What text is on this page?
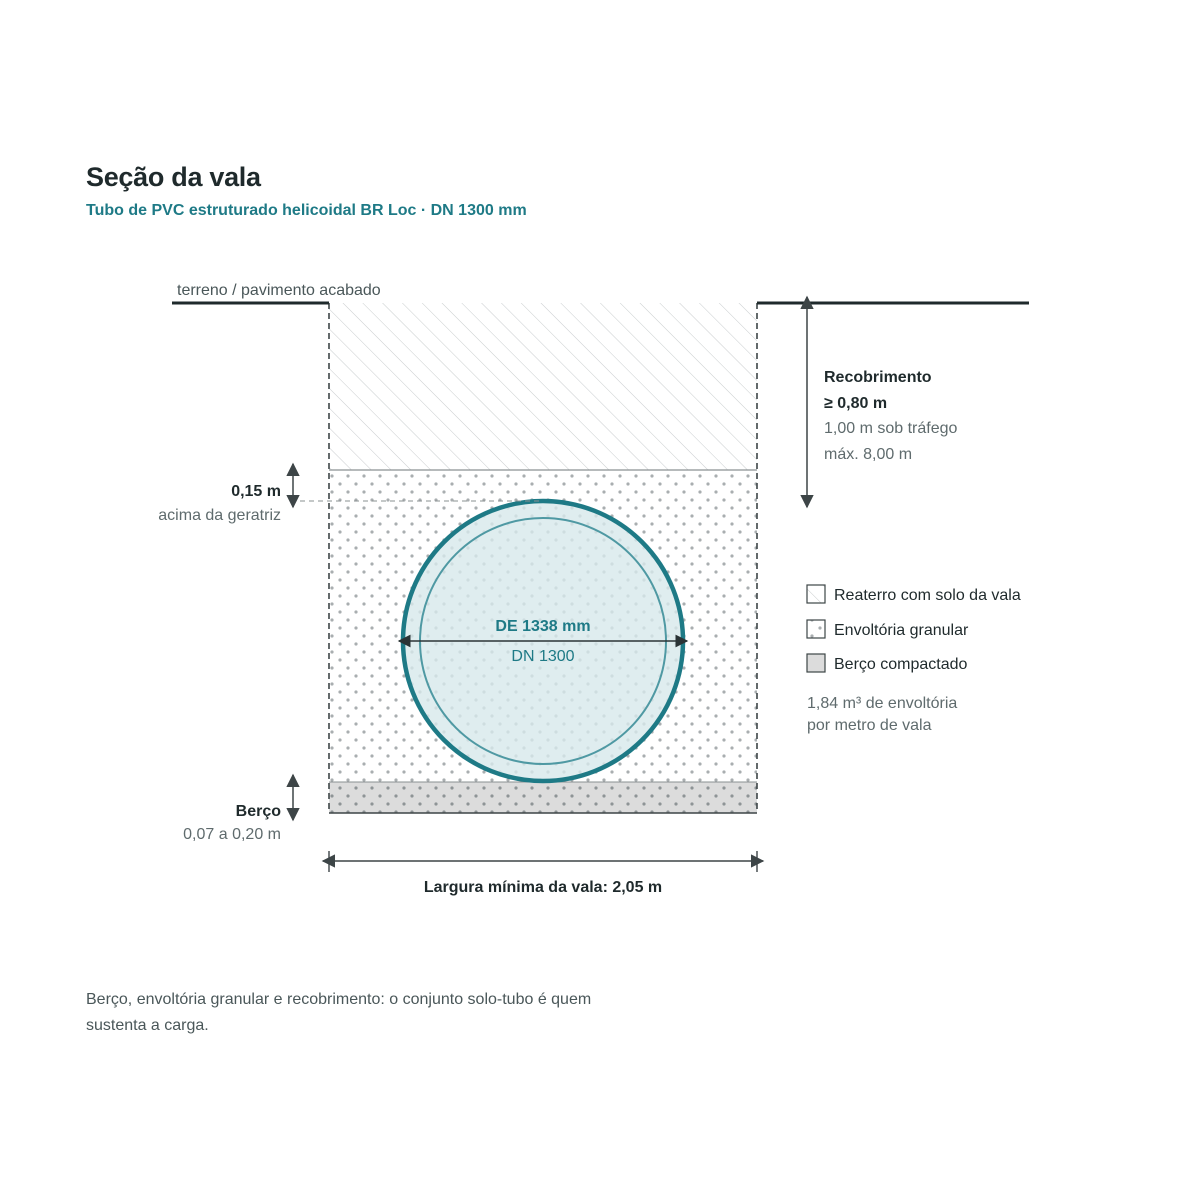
Seção da vala
Tubo de PVC estruturado helicoidal BR Loc · DN 1300 mm
terreno / pavimento acabado
DE 1338 mm
DN 1300
0,15 m
acima da geratriz
Berço
0,07 a 0,20 m
Recobrimento
≥ 0,80 m
1,00 m sob tráfego
máx. 8,00 m
Largura mínima da vala: 2,05 m
Reaterro com solo da vala
Envoltória granular
Berço compactado
1,84 m³ de envoltória
por metro de vala
Berço, envoltória granular e recobrimento: o conjunto solo-tubo é quem sustenta a carga.
